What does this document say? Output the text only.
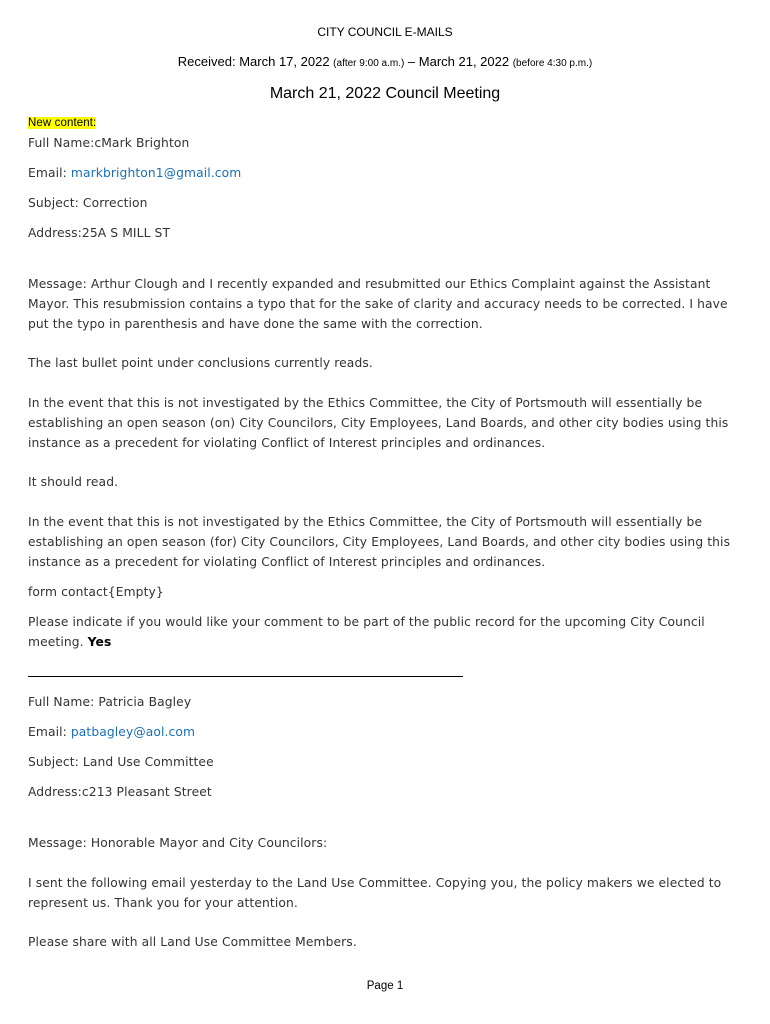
CITY COUNCIL E-MAILS
Received: March 17, 2022 (after 9:00 a.m.) – March 21, 2022 (before 4:30 p.m.)
March 21, 2022 Council Meeting
New content:
Full Name:cMark Brighton
Email: markbrighton1@gmail.com
Subject: Correction
Address:25A S MILL ST
Message: Arthur Clough and I recently expanded and resubmitted our Ethics Complaint against the Assistant Mayor. This resubmission contains a typo that for the sake of clarity and accuracy needs to be corrected. I have put the typo in parenthesis and have done the same with the correction.
The last bullet point under conclusions currently reads.
In the event that this is not investigated by the Ethics Committee, the City of Portsmouth will essentially be establishing an open season (on) City Councilors, City Employees, Land Boards, and other city bodies using this instance as a precedent for violating Conflict of Interest principles and ordinances.
It should read.
In the event that this is not investigated by the Ethics Committee, the City of Portsmouth will essentially be establishing an open season (for) City Councilors, City Employees, Land Boards, and other city bodies using this instance as a precedent for violating Conflict of Interest principles and ordinances.
form contact{Empty}
Please indicate if you would like your comment to be part of the public record for the upcoming City Council meeting. Yes
Full Name: Patricia Bagley
Email: patbagley@aol.com
Subject: Land Use Committee
Address:c213 Pleasant Street
Message: Honorable Mayor and City Councilors:
I sent the following email yesterday to the Land Use Committee. Copying you, the policy makers we elected to represent us. Thank you for your attention.
Please share with all Land Use Committee Members.
Page 1
